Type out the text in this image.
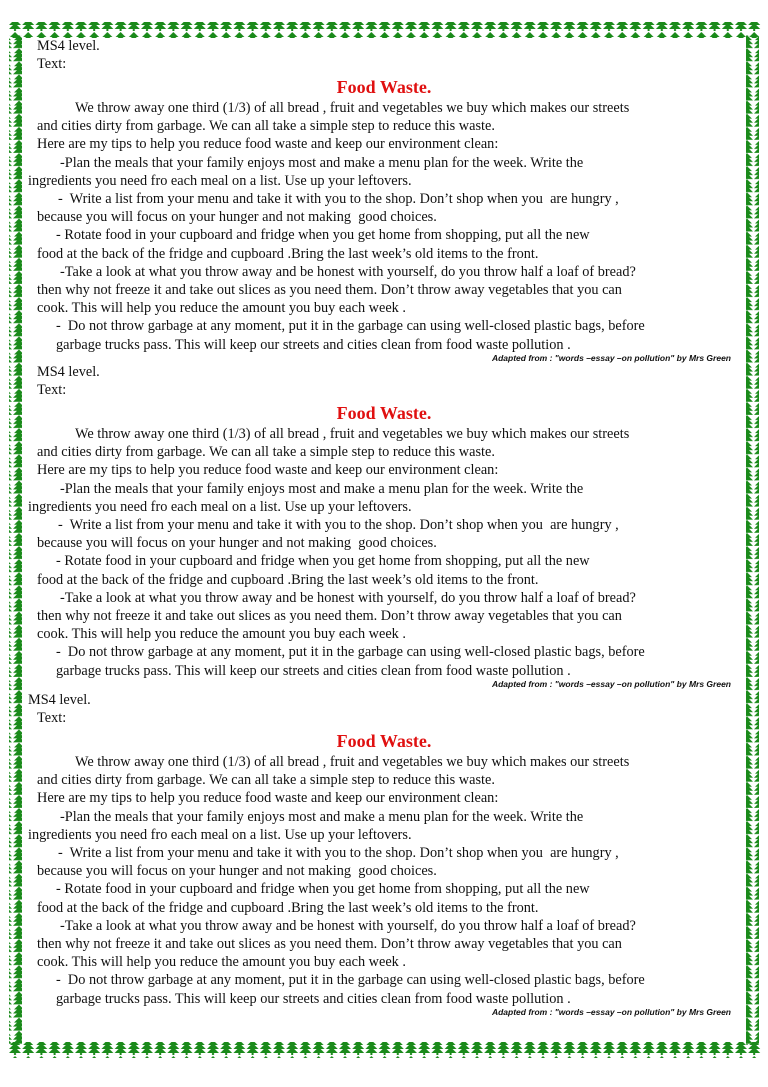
MS4 level.
Text:
Food Waste.
We throw away one third (1/3) of all bread , fruit and vegetables we buy which makes our streets
and cities dirty from garbage. We can all take a simple step to reduce this waste.
Here are my tips to help you reduce food waste and keep our environment clean:
-Plan the meals that your family enjoys most and make a menu plan for the week. Write the
ingredients you need fro each meal on a list. Use up your leftovers.
-  Write a list from your menu and take it with you to the shop. Don’t shop when you  are hungry ,
because you will focus on your hunger and not making  good choices.
- Rotate food in your cupboard and fridge when you get home from shopping, put all the new
food at the back of the fridge and cupboard .Bring the last week’s old items to the front.
-Take a look at what you throw away and be honest with yourself, do you throw half a loaf of bread?
then why not freeze it and take out slices as you need them. Don’t throw away vegetables that you can
cook. This will help you reduce the amount you buy each week .
-  Do not throw garbage at any moment, put it in the garbage can using well-closed plastic bags, before
garbage trucks pass. This will keep our streets and cities clean from food waste pollution .
Adapted from : "words –essay –on pollution" by Mrs Green
MS4 level.
Text:
Food Waste.
We throw away one third (1/3) of all bread , fruit and vegetables we buy which makes our streets
and cities dirty from garbage. We can all take a simple step to reduce this waste.
Here are my tips to help you reduce food waste and keep our environment clean:
-Plan the meals that your family enjoys most and make a menu plan for the week. Write the
ingredients you need fro each meal on a list. Use up your leftovers.
-  Write a list from your menu and take it with you to the shop. Don’t shop when you  are hungry ,
because you will focus on your hunger and not making  good choices.
- Rotate food in your cupboard and fridge when you get home from shopping, put all the new
food at the back of the fridge and cupboard .Bring the last week’s old items to the front.
-Take a look at what you throw away and be honest with yourself, do you throw half a loaf of bread?
then why not freeze it and take out slices as you need them. Don’t throw away vegetables that you can
cook. This will help you reduce the amount you buy each week .
-  Do not throw garbage at any moment, put it in the garbage can using well-closed plastic bags, before
garbage trucks pass. This will keep our streets and cities clean from food waste pollution .
Adapted from : "words –essay –on pollution" by Mrs Green
MS4 level.
Text:
Food Waste.
We throw away one third (1/3) of all bread , fruit and vegetables we buy which makes our streets
and cities dirty from garbage. We can all take a simple step to reduce this waste.
Here are my tips to help you reduce food waste and keep our environment clean:
-Plan the meals that your family enjoys most and make a menu plan for the week. Write the
ingredients you need fro each meal on a list. Use up your leftovers.
-  Write a list from your menu and take it with you to the shop. Don’t shop when you  are hungry ,
because you will focus on your hunger and not making  good choices.
- Rotate food in your cupboard and fridge when you get home from shopping, put all the new
food at the back of the fridge and cupboard .Bring the last week’s old items to the front.
-Take a look at what you throw away and be honest with yourself, do you throw half a loaf of bread?
then why not freeze it and take out slices as you need them. Don’t throw away vegetables that you can
cook. This will help you reduce the amount you buy each week .
-  Do not throw garbage at any moment, put it in the garbage can using well-closed plastic bags, before
garbage trucks pass. This will keep our streets and cities clean from food waste pollution .
Adapted from : "words –essay –on pollution" by Mrs Green
